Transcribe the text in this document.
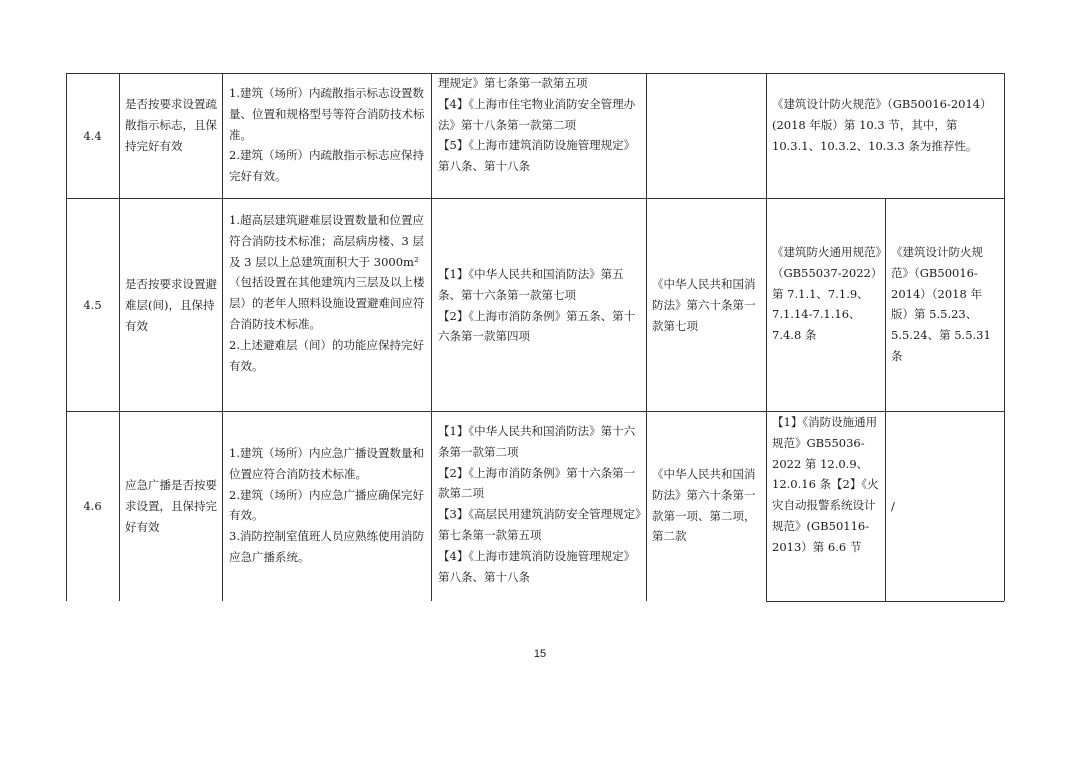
4.4
是否按要求设置疏散指示标志，且保持完好有效

1.建筑（场所）内疏散指示标志设置数量、位置和规格型号等符合消防技术标准。

2.建筑（场所）内疏散指示标志应保持完好有效。

理规定》第七条第一款第五项

【4】《上海市住宅物业消防安全管理办法》第十八条第一款第二项

【5】《上海市建筑消防设施管理规定》第八条、第十八条

《建筑设计防火规范》（GB50016-2014）(2018 年版）第 10.3 节，其中，第 10.3.1、10.3.2、10.3.3 条为推荐性。
4.5
是否按要求设置避难层(间)，且保持有效

1.超高层建筑避难层设置数量和位置应符合消防技术标准；高层病房楼、3 层及 3 层以上总建筑面积大于 3000m²（包括设置在其他建筑内三层及以上楼层）的老年人照料设施设置避难间应符合消防技术标准。

2.上述避难层（间）的功能应保持完好有效。

【1】《中华人民共和国消防法》第五条、第十六条第一款第七项

【2】《上海市消防条例》第五条、第十六条第一款第四项

《中华人民共和国消防法》第六十条第一款第七项
《建筑防火通用规范》（GB55037-2022）第 7.1.1、7.1.9、7.1.14-7.1.16、7.4.8 条
《建筑设计防火规范》（GB50016-2014）（2018 年版）第 5.5.23、5.5.24、第 5.5.31 条
4.6
应急广播是否按要求设置，且保持完好有效

1.建筑（场所）内应急广播设置数量和位置应符合消防技术标准。

2.建筑（场所）内应急广播应确保完好有效。

3.消防控制室值班人员应熟练使用消防应急广播系统。

【1】《中华人民共和国消防法》第十六条第一款第二项

【2】《上海市消防条例》第十六条第一款第二项

【3】《高层民用建筑消防安全管理规定》第七条第一款第五项

【4】《上海市建筑消防设施管理规定》第八条、第十八条

《中华人民共和国消防法》第六十条第一款第一项、第二项，第二款
【1】《消防设施通用规范》GB55036-2022 第 12.0.9、12.0.16 条【2】《火灾自动报警系统设计规范》(GB50116-2013）第 6.6 节
/
15
